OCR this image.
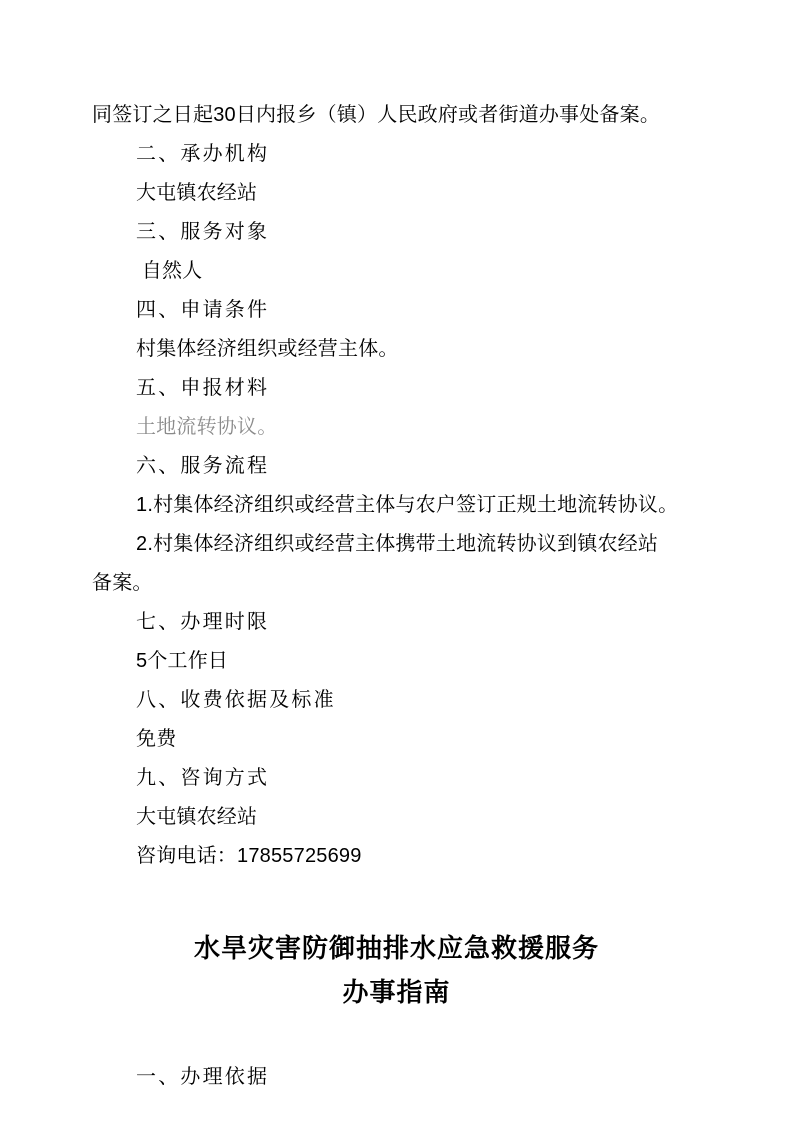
同签订之日起30日内报乡（镇）人民政府或者街道办事处备案。
二、承办机构
大屯镇农经站
三、服务对象
自然人
四、申请条件
村集体经济组织或经营主体。
五、申报材料
土地流转协议。
六、服务流程
1.村集体经济组织或经营主体与农户签订正规土地流转协议。
2.村集体经济组织或经营主体携带土地流转协议到镇农经站
备案。
七、办理时限
5个工作日
八、收费依据及标准
免费
九、咨询方式
大屯镇农经站
咨询电话：17855725699
水旱灾害防御抽排水应急救援服务
办事指南
一、办理依据
